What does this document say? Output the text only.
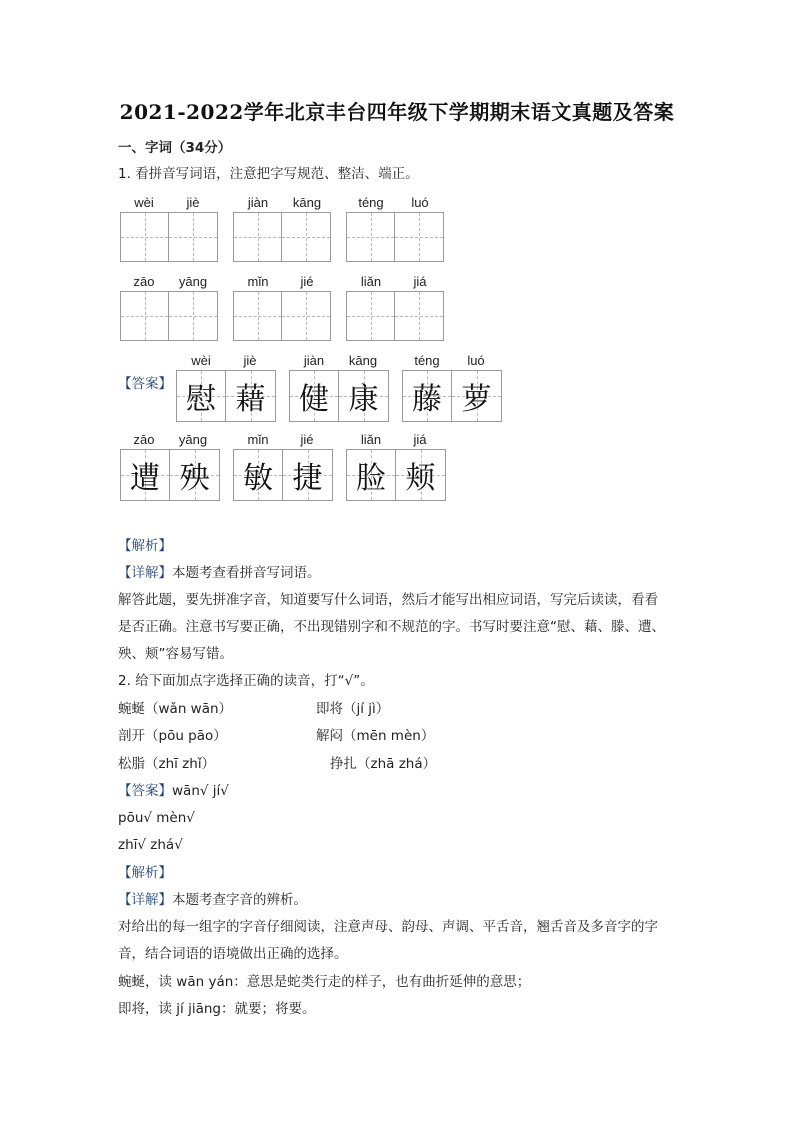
2021-2022学年北京丰台四年级下学期期末语文真题及答案
一、字词（34分）
1. 看拼音写词语，注意把字写规范、整洁、端正。
wèi	jiè	jiàn	kāng	téng	luó
zāo	yāng	mǐn	jié	liǎn	jiá
【答案】
wèi	jiè
慰 藉
jiàn	kāng
健 康
téng	luó
藤 萝
zāo	yāng
遭 殃
mǐn	jié
敏 捷
liǎn	jiá
脸 颊
【解析】
【详解】本题考查看拼音写词语。
解答此题，要先拼准字音，知道要写什么词语，然后才能写出相应词语，写完后读读，看看
是否正确。注意书写要正确，不出现错别字和不规范的字。书写时要注意“慰、藉、滕、遭、
殃、颊”容易写错。
2. 给下面加点字选择正确的读音，打“√”。
蜿蜒（wǎn wān）	即将（jí jì）
剖开（pōu pāo）	解闷（mēn mèn）
松脂（zhī zhǐ）	挣扎（zhā zhá）
【答案】wān√ jí√
pōu√ mèn√
zhī√ zhá√
【解析】
【详解】本题考查字音的辨析。
对给出的每一组字的字音仔细阅读，注意声母、韵母、声调、平舌音，翘舌音及多音字的字
音，结合词语的语境做出正确的选择。
蜿蜒，读 wān yán：意思是蛇类行走的样子，也有曲折延伸的意思；
即将，读 jí jiāng：就要；将要。
